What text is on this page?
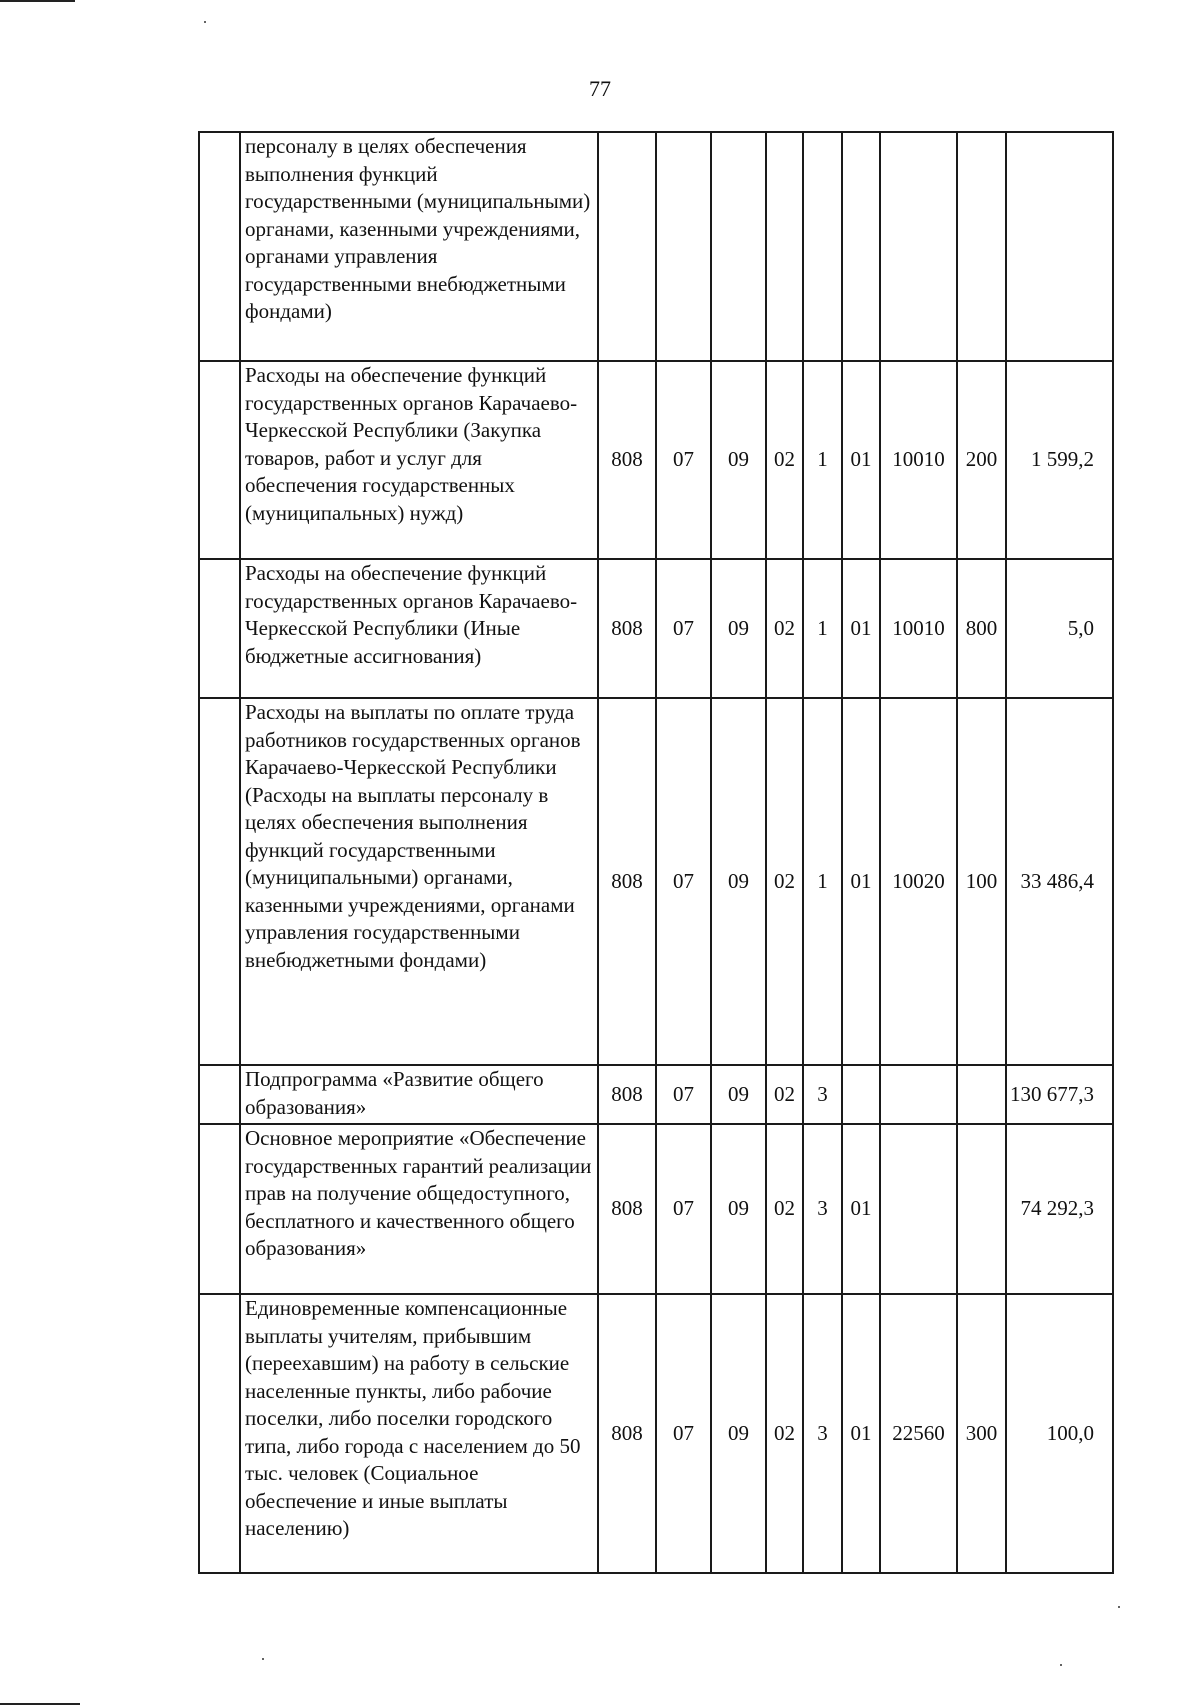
77
	персоналу в целях обеспечения выполнения функций государственными (муниципальными) органами, казенными учреждениями, органами управления государственными внебюджетными фондами)									
	Расходы на обеспечение функций государственных органов Карачаево-Черкесской Республики (Закупка товаров, работ и услуг для обеспечения государственных (муниципальных) нужд)	808	07	09	02	1	01	10010	200	1 599,2
	Расходы на обеспечение функций государственных органов Карачаево-Черкесской Республики (Иные бюджетные ассигнования)	808	07	09	02	1	01	10010	800	5,0
	Расходы на выплаты по оплате труда работников государственных органов Карачаево-Черкесской Республики (Расходы на выплаты персоналу в целях обеспечения выполнения функций государственными (муниципальными) органами, казенными учреждениями, органами управления государственными внебюджетными фондами)	808	07	09	02	1	01	10020	100	33 486,4
	Подпрограмма «Развитие общего образования»	808	07	09	02	3				130 677,3
	Основное мероприятие «Обеспечение государственных гарантий реализации прав на получение общедоступного, бесплатного и качественного общего образования»	808	07	09	02	3	01			74 292,3
	Единовременные компенсационные выплаты учителям, прибывшим (переехавшим) на работу в сельские населенные пункты, либо рабочие поселки, либо поселки городского типа, либо города с населением до 50 тыс. человек (Социальное обеспечение и иные выплаты населению)	808	07	09	02	3	01	22560	300	100,0
